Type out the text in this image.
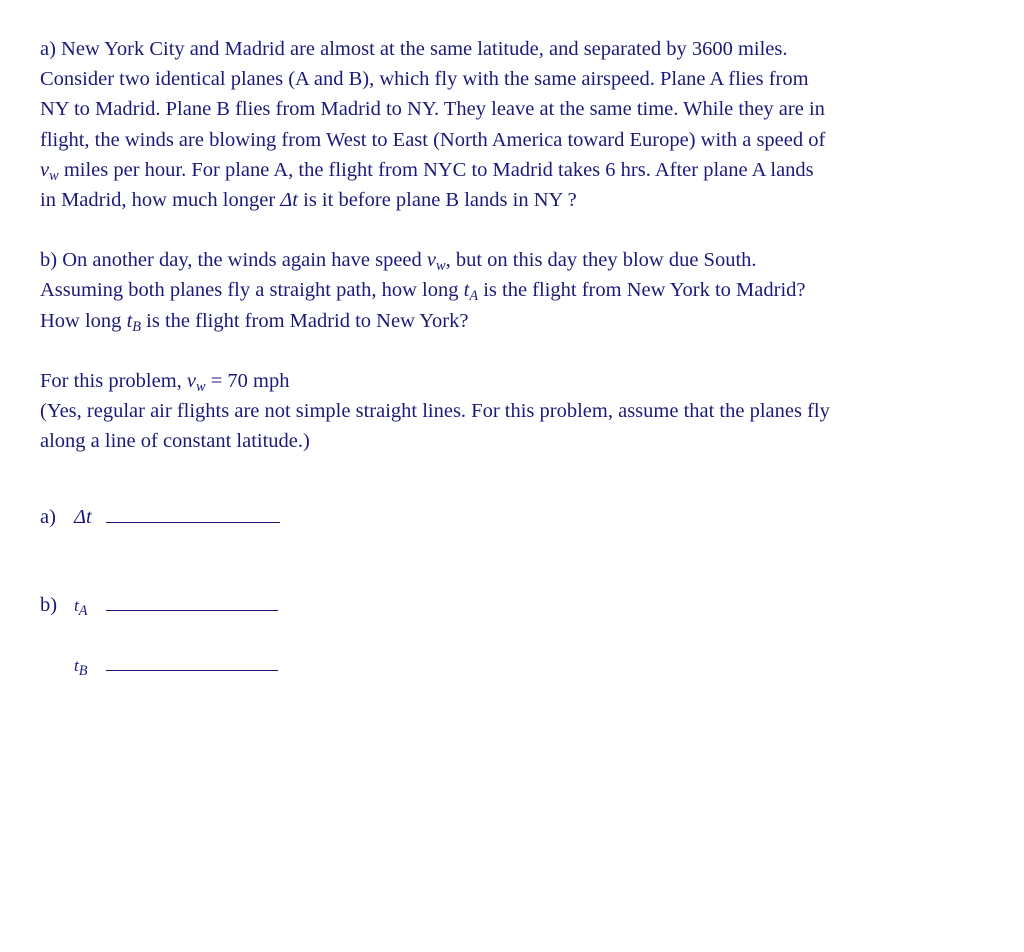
a) New York City and Madrid are almost at the same latitude, and separated by 3600 miles.
Consider two identical planes (A and B), which fly with the same airspeed. Plane A flies from
NY to Madrid. Plane B flies from Madrid to NY. They leave at the same time. While they are in
flight, the winds are blowing from West to East (North America toward Europe) with a speed of
$v_w$ miles per hour. For plane A, the flight from NYC to Madrid takes 6 hrs. After plane A lands
in Madrid, how much longer Δt is it before plane B lands in NY ?

b) On another day, the winds again have speed $v_w$, but on this day they blow due South.
Assuming both planes fly a straight path, how long $t_A$ is the flight from New York to Madrid?
How long $t_B$ is the flight from Madrid to New York?

For this problem, $v_w = 70$ mph
(Yes, regular air flights are not simple straight lines. For this problem, assume that the planes fly
along a line of constant latitude.)

a) Δt
b) $t_A$
$t_B$
